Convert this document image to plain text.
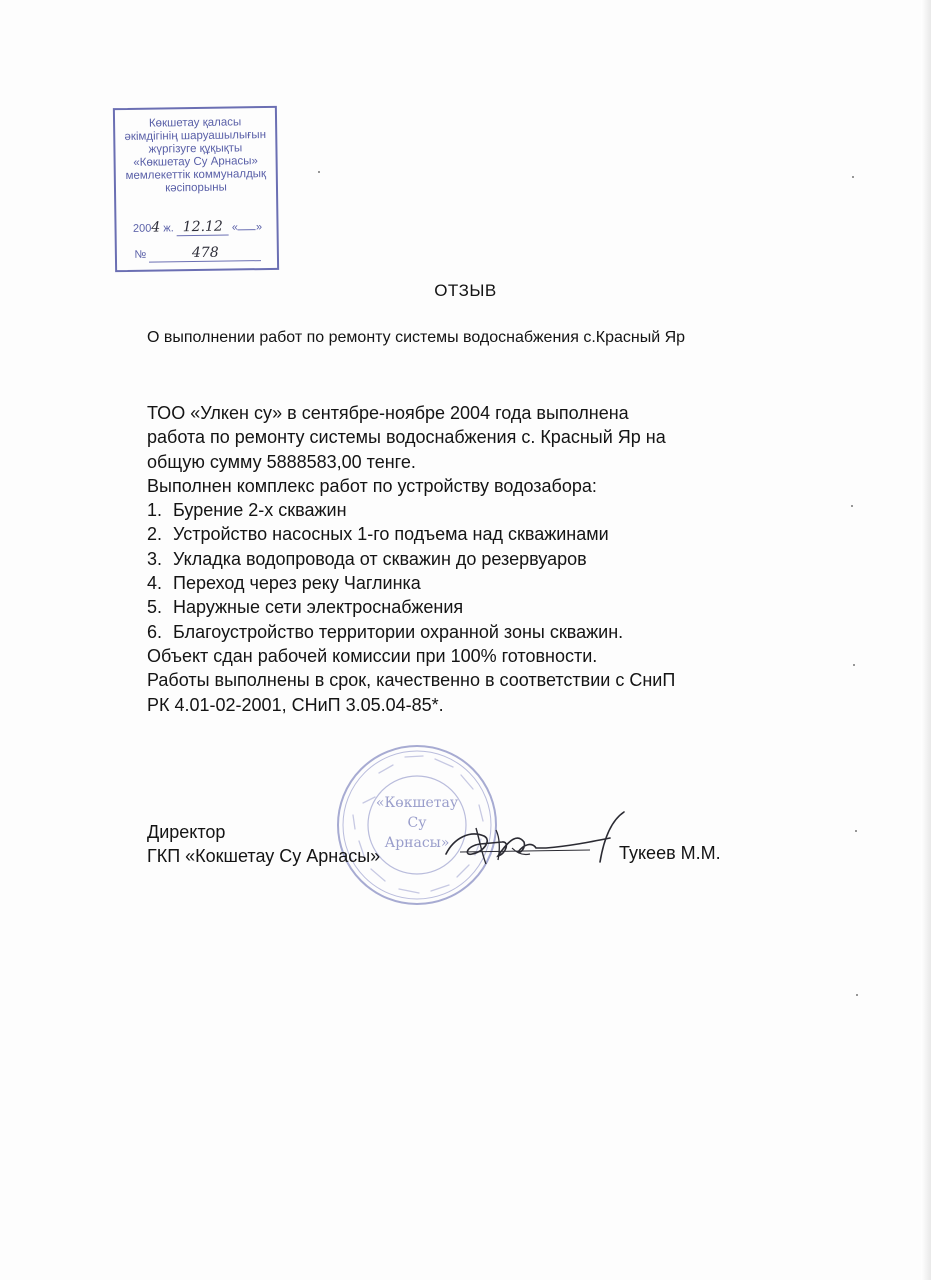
Көкшетау қаласы
әкімдігінің шаруашылығын
жүргізуге құқықты
«Көкшетау Су Арнасы»
мемлекеттік коммуналдық
кәсіпорыны
2004 ж. 12.12 « »
№	478
ОТЗЫВ
О выполнении работ по ремонту системы водоснабжения с.Красный Яр
ТОО «Улкен су» в сентябре-ноябре 2004 года выполнена
работа по ремонту системы водоснабжения с. Красный Яр на
общую сумму 5888583,00 тенге.
Выполнен комплекс работ по устройству водозабора:
1. Бурение 2-х скважин
2. Устройство насосных 1-го подъема над скважинами
3. Укладка водопровода от скважин до резервуаров
4. Переход через реку Чаглинка
5. Наружные сети электроснабжения
6. Благоустройство территории охранной зоны скважин.
Объект сдан рабочей комиссии при 100% готовности.
Работы выполнены в срок, качественно в соответствии с СниП
РК 4.01-02-2001, СНиП 3.05.04-85*.
«Көкшетау
Су
Арнасы»
Директор
ГКП «Кокшетау Су Арнасы»	Тукеев М.М.
